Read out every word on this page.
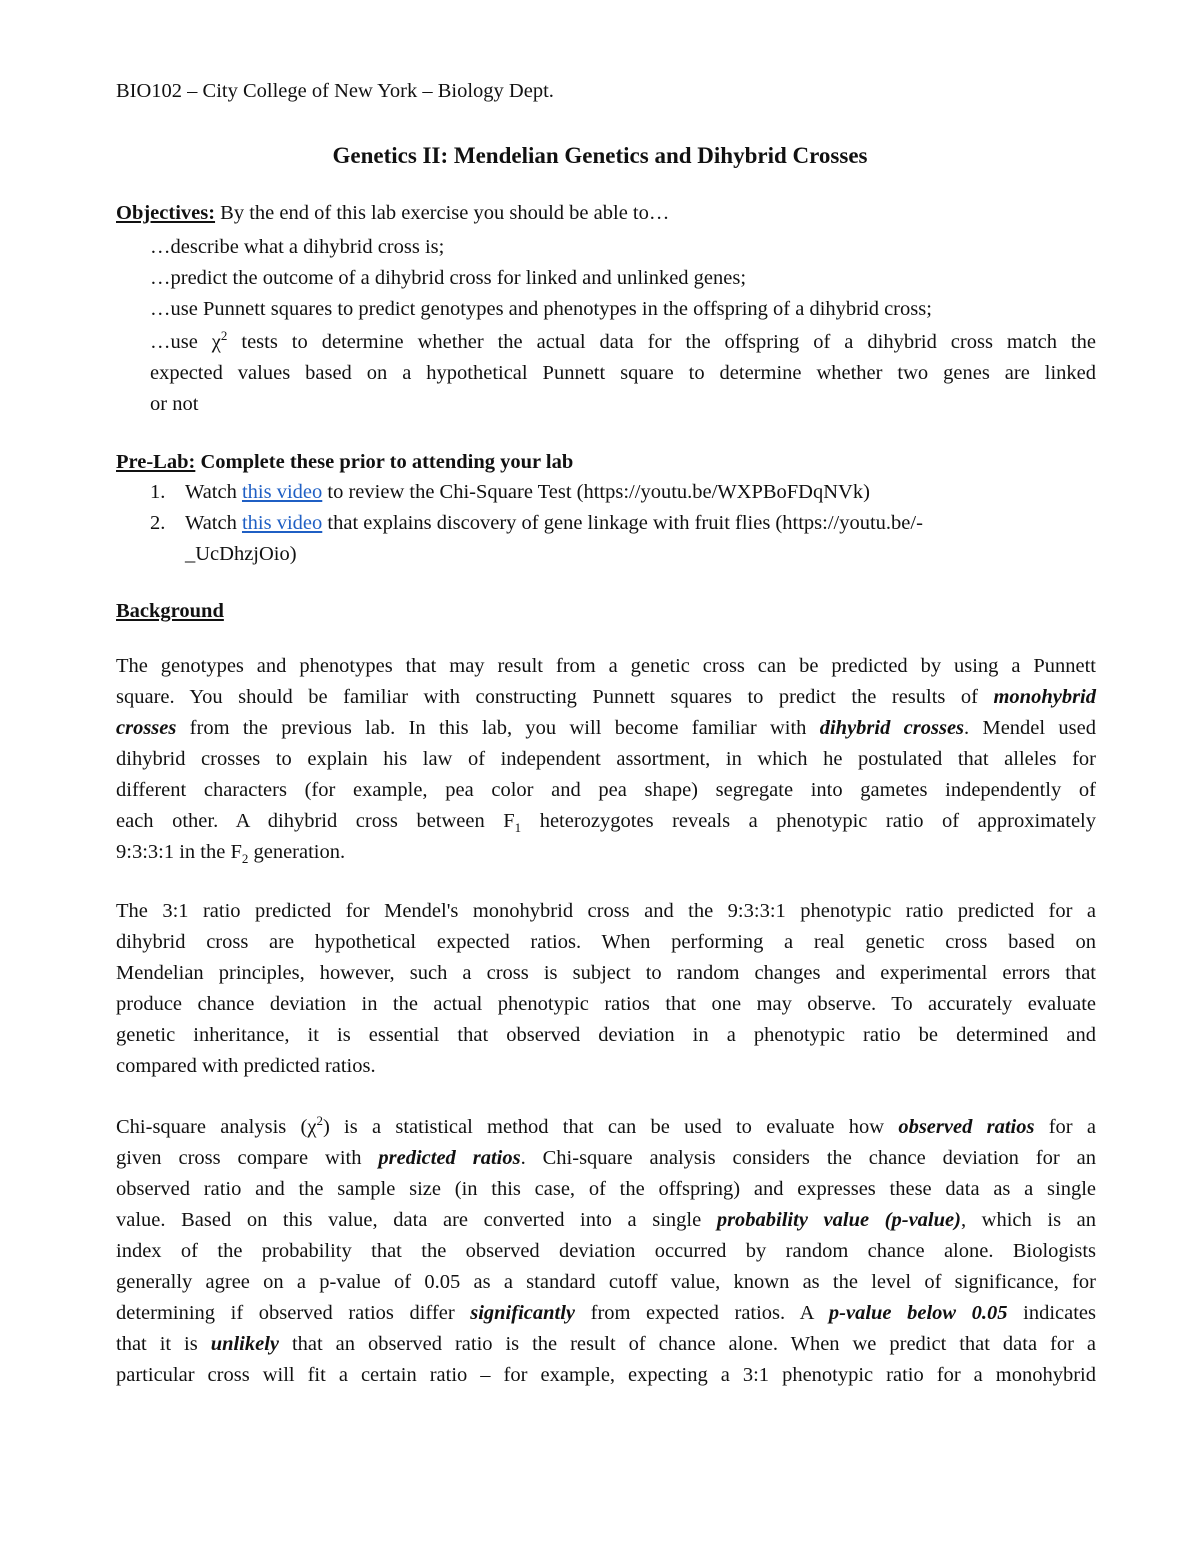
BIO102 – City College of New York – Biology Dept.
Genetics II: Mendelian Genetics and Dihybrid Crosses
Objectives: By the end of this lab exercise you should be able to…
…describe what a dihybrid cross is;
…predict the outcome of a dihybrid cross for linked and unlinked genes;
…use Punnett squares to predict genotypes and phenotypes in the offspring of a dihybrid cross;
…use $\chi^2$ tests to determine whether the actual data for the offspring of a dihybrid cross match the
expected values based on a hypothetical Punnett square to determine whether two genes are linked
or not
Pre-Lab: Complete these prior to attending your lab
1. Watch this video to review the Chi-Square Test (https://youtu.be/WXPBoFDqNVk)
2. Watch this video that explains discovery of gene linkage with fruit flies (https://youtu.be/-
_UcDhzjOio)
Background
The genotypes and phenotypes that may result from a genetic cross can be predicted by using a Punnett
square. You should be familiar with constructing Punnett squares to predict the results of monohybrid
crosses from the previous lab. In this lab, you will become familiar with dihybrid crosses. Mendel used
dihybrid crosses to explain his law of independent assortment, in which he postulated that alleles for
different characters (for example, pea color and pea shape) segregate into gametes independently of
each other. A dihybrid cross between $F_1$ heterozygotes reveals a phenotypic ratio of approximately
9:3:3:1 in the $F_2$ generation.
The 3:1 ratio predicted for Mendel's monohybrid cross and the 9:3:3:1 phenotypic ratio predicted for a
dihybrid cross are hypothetical expected ratios. When performing a real genetic cross based on
Mendelian principles, however, such a cross is subject to random changes and experimental errors that
produce chance deviation in the actual phenotypic ratios that one may observe. To accurately evaluate
genetic inheritance, it is essential that observed deviation in a phenotypic ratio be determined and
compared with predicted ratios.
Chi-square analysis $(\chi^2)$ is a statistical method that can be used to evaluate how observed ratios for a
given cross compare with predicted ratios. Chi-square analysis considers the chance deviation for an
observed ratio and the sample size (in this case, of the offspring) and expresses these data as a single
value. Based on this value, data are converted into a single probability value (p-value), which is an
index of the probability that the observed deviation occurred by random chance alone. Biologists
generally agree on a p-value of 0.05 as a standard cutoff value, known as the level of significance, for
determining if observed ratios differ significantly from expected ratios. A p-value below 0.05 indicates
that it is unlikely that an observed ratio is the result of chance alone. When we predict that data for a
particular cross will fit a certain ratio – for example, expecting a 3:1 phenotypic ratio for a monohybrid
